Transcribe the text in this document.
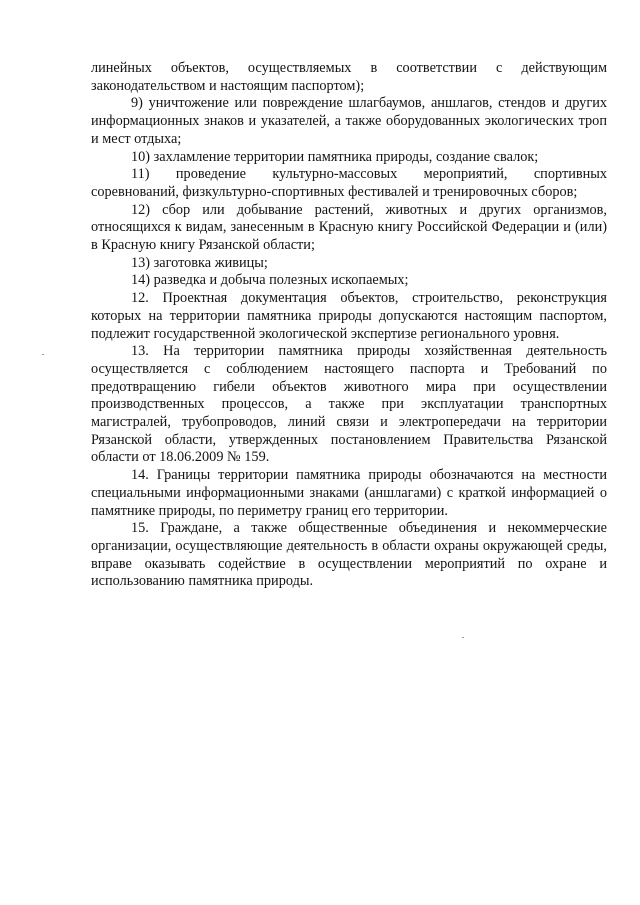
линейных объектов, осуществляемых в соответствии с действующим законодательством и настоящим паспортом);

9) уничтожение или повреждение шлагбаумов, аншлагов, стендов и других информационных знаков и указателей, а также оборудованных экологических троп и мест отдыха;

10) захламление территории памятника природы, создание свалок;

11) проведение культурно-массовых мероприятий, спортивных соревнований, физкультурно-спортивных фестивалей и тренировочных сборов;

12) сбор или добывание растений, животных и других организмов, относящихся к видам, занесенным в Красную книгу Российской Федерации и (или) в Красную книгу Рязанской области;

13) заготовка живицы;

14) разведка и добыча полезных ископаемых;

12. Проектная документация объектов, строительство, реконструкция которых на территории памятника природы допускаются настоящим паспортом, подлежит государственной экологической экспертизе регионального уровня.

13. На территории памятника природы хозяйственная деятельность осуществляется с соблюдением настоящего паспорта и Требований по предотвращению гибели объектов животного мира при осуществлении производственных процессов, а также при эксплуатации транспортных магистралей, трубопроводов, линий связи и электропередачи на территории Рязанской области, утвержденных постановлением Правительства Рязанской области от 18.06.2009 № 159.

14. Границы территории памятника природы обозначаются на местности специальными информационными знаками (аншлагами) с краткой информацией о памятнике природы, по периметру границ его территории.

15. Граждане, а также общественные объединения и некоммерческие организации, осуществляющие деятельность в области охраны окружающей среды, вправе оказывать содействие в осуществлении мероприятий по охране и использованию памятника природы.
